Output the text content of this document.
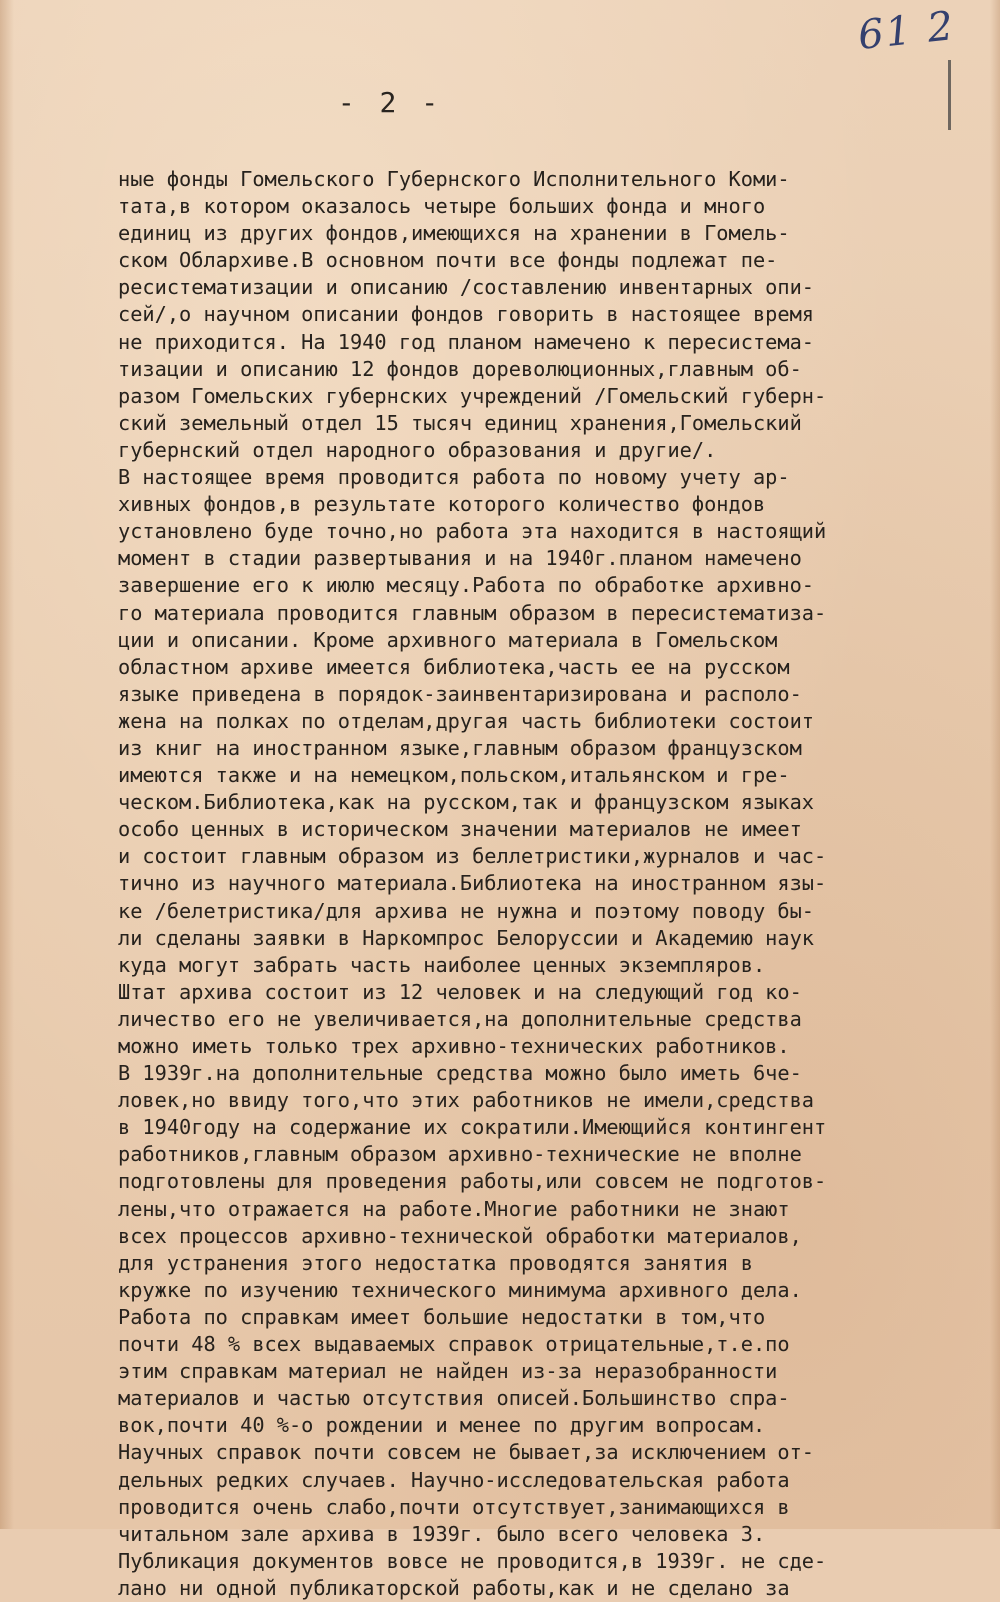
61 2
- 2 -
ные фонды Гомельского Губернского Исполнительного Коми-
тата,в котором оказалось четыре больших фонда и много
единиц из других фондов,имеющихся на хранении в Гомель-
ском Облархиве.В основном почти все фонды подлежат пе-
ресистематизации и описанию /составлению инвентарных опи-
сей/,о научном описании фондов говорить в настоящее время
не приходится. На 1940 год планом намечено к пересистема-
тизации и описанию 12 фондов дореволюционных,главным об-
разом Гомельских губернских учреждений /Гомельский губерн-
ский земельный отдел 15 тысяч единиц хранения,Гомельский
губернский отдел народного образования и другие/.
В настоящее время проводится работа по новому учету ар-
хивных фондов,в результате которого количество фондов
установлено буде точно,но работа эта находится в настоящий
момент в стадии развертывания и на 1940г.планом намечено
завершение его к июлю месяцу.Работа по обработке архивно-
го материала проводится главным образом в пересистематиза-
ции и описании. Кроме архивного материала в Гомельском
областном архиве имеется библиотека,часть ее на русском
языке приведена в порядок-заинвентаризирована и располо-
жена на полках по отделам,другая часть библиотеки состоит
из книг на иностранном языке,главным образом французском
имеются также и на немецком,польском,итальянском и гре-
ческом.Библиотека,как на русском,так и французском языках
особо ценных в историческом значении материалов не имеет
и состоит главным образом из беллетристики,журналов и час-
тично из научного материала.Библиотека на иностранном язы-
ке /белетристика/для архива не нужна и поэтому поводу бы-
ли сделаны заявки в Наркомпрос Белоруссии и Академию наук
куда могут забрать часть наиболее ценных экземпляров.
Штат архива состоит из 12 человек и на следующий год ко-
личество его не увеличивается,на дополнительные средства
можно иметь только трех архивно-технических работников.
В 1939г.на дополнительные средства можно было иметь 6че-
ловек,но ввиду того,что этих работников не имели,средства
в 1940году на содержание их сократили.Имеющийся контингент
работников,главным образом архивно-технические не вполне
подготовлены для проведения работы,или совсем не подготов-
лены,что отражается на работе.Многие работники не знают
всех процессов архивно-технической обработки материалов,
для устранения этого недостатка проводятся занятия в
кружке по изучению технического минимума архивного дела.
Работа по справкам имеет большие недостатки в том,что
почти 48 % всех выдаваемых справок отрицательные,т.е.по
этим справкам материал не найден из-за неразобранности
материалов и частью отсутствия описей.Большинство спра-
вок,почти 40 %-о рождении и менее по другим вопросам.
Научных справок почти совсем не бывает,за исключением от-
дельных редких случаев. Научно-исследовательская работа
проводится очень слабо,почти отсутствует,занимающихся в
читальном зале архива в 1939г. было всего человека 3.
Публикация документов вовсе не проводится,в 1939г. не сде-
лано ни одной публикаторской работы,как и не сделано за
